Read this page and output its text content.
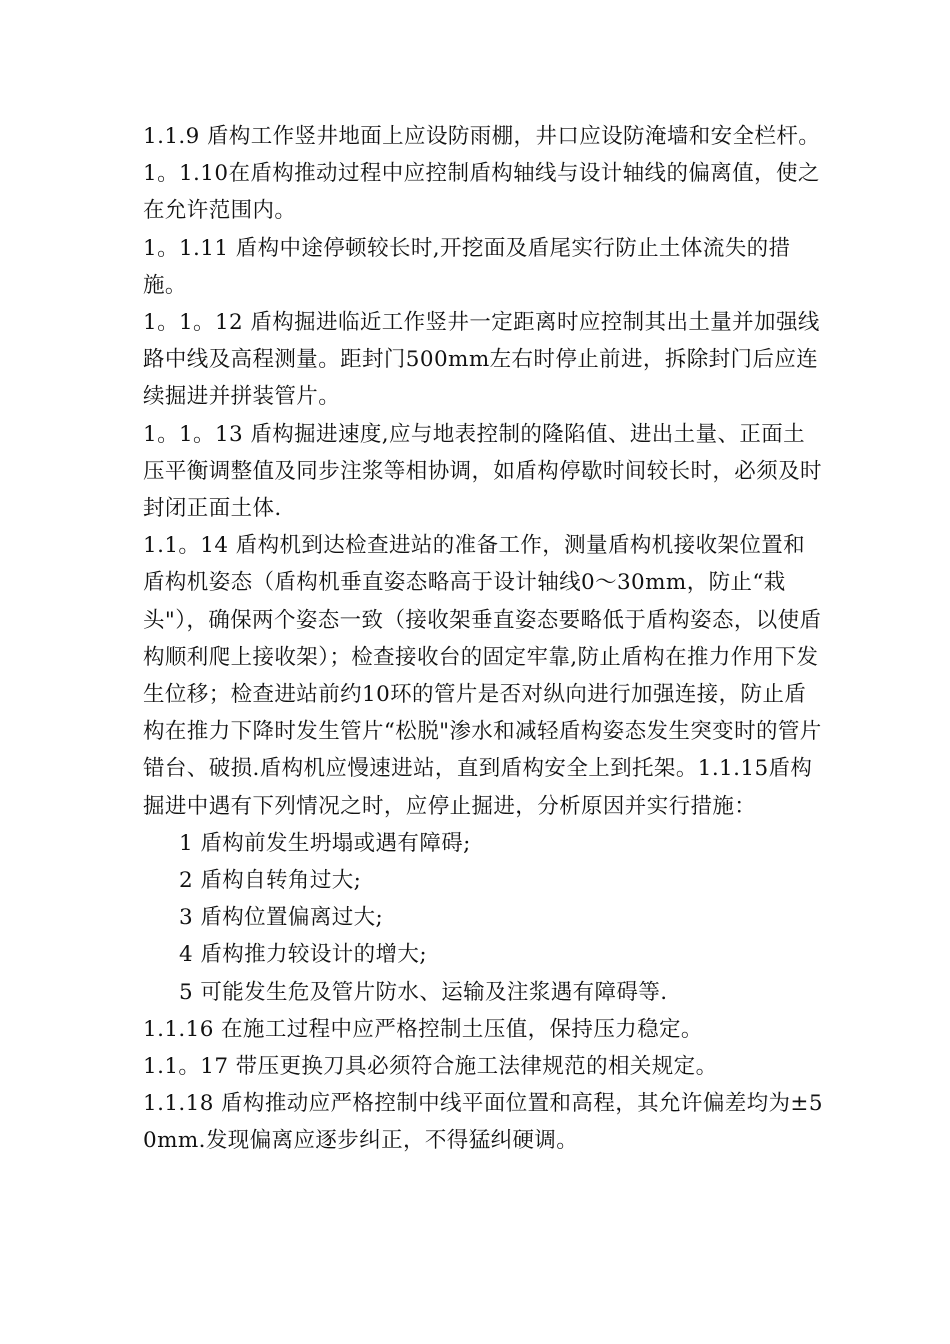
1.1.9 盾构工作竖井地面上应设防雨棚，井口应设防淹墙和安全栏杆。

1。1.10在盾构推动过程中应控制盾构轴线与设计轴线的偏离值，使之在允许范围内。

1。1.11 盾构中途停顿较长时,开挖面及盾尾实行防止土体流失的措施。

1。1。12 盾构掘进临近工作竖井一定距离时应控制其出土量并加强线路中线及高程测量。距封门500mm左右时停止前进，拆除封门后应连续掘进并拼装管片。

1。1。13 盾构掘进速度,应与地表控制的隆陷值、进出土量、正面土压平衡调整值及同步注浆等相协调，如盾构停歇时间较长时，必须及时封闭正面土体.

1.1。14 盾构机到达检查进站的准备工作，测量盾构机接收架位置和盾构机姿态（盾构机垂直姿态略高于设计轴线0～30mm，防止“栽头"），确保两个姿态一致（接收架垂直姿态要略低于盾构姿态，以使盾构顺利爬上接收架）；检查接收台的固定牢靠,防止盾构在推力作用下发生位移；检查进站前约10环的管片是否对纵向进行加强连接，防止盾构在推力下降时发生管片“松脱"渗水和减轻盾构姿态发生突变时的管片错台、破损.盾构机应慢速进站，直到盾构安全上到托架。1.1.15盾构掘进中遇有下列情况之时，应停止掘进，分析原因并实行措施：

1 盾构前发生坍塌或遇有障碍;

2 盾构自转角过大;

3 盾构位置偏离过大;

4 盾构推力较设计的增大;

5 可能发生危及管片防水、运输及注浆遇有障碍等.

1.1.16 在施工过程中应严格控制土压值，保持压力稳定。

1.1。17 带压更换刀具必须符合施工法律规范的相关规定。

1.1.18 盾构推动应严格控制中线平面位置和高程，其允许偏差均为±50mm.发现偏离应逐步纠正，不得猛纠硬调。
